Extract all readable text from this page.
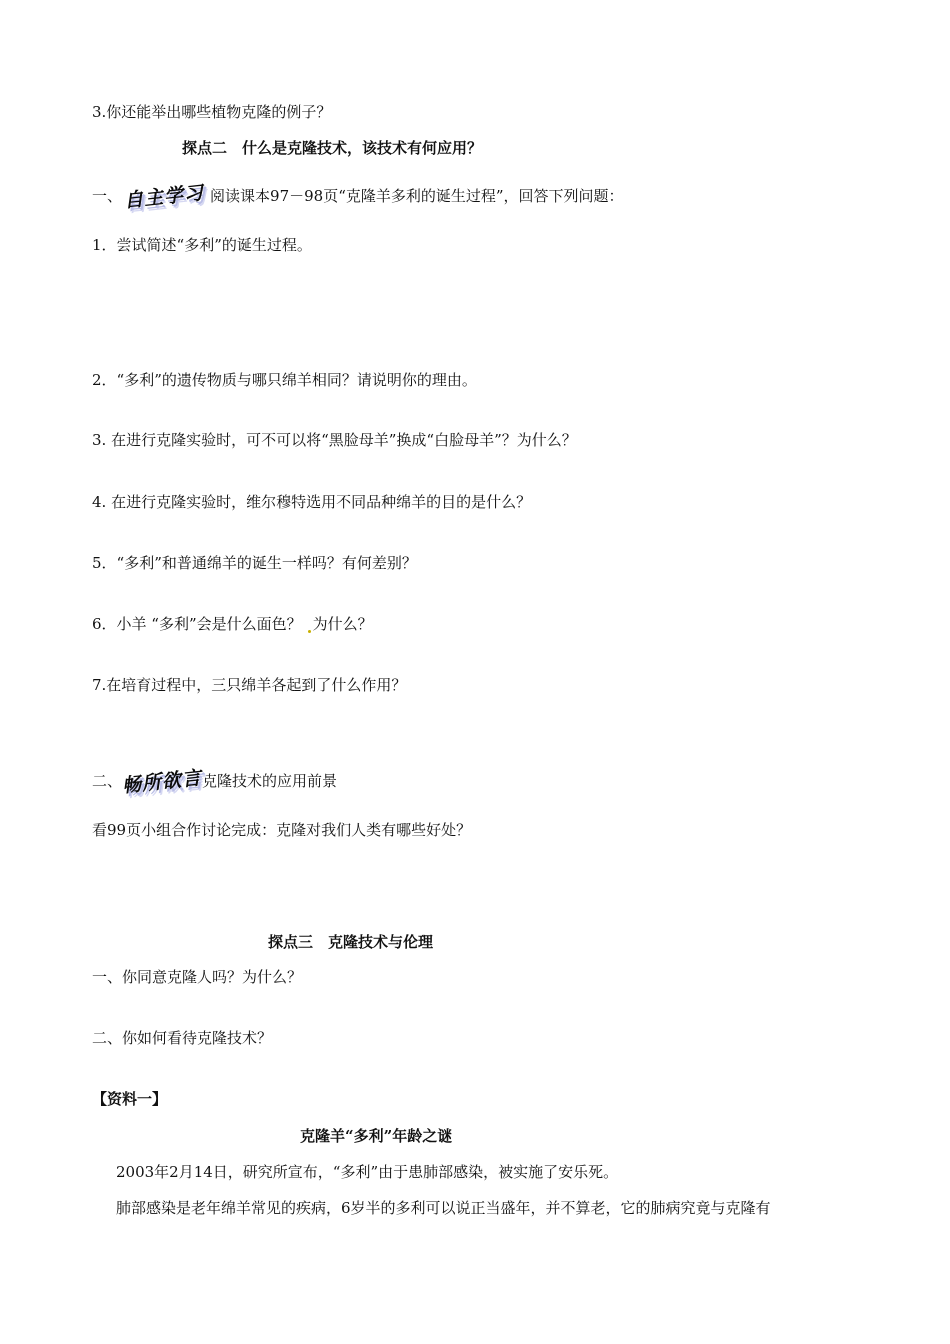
3.你还能举出哪些植物克隆的例子？
探点二　什么是克隆技术，该技术有何应用？
一、自主学习 阅读课本97－98页“克隆羊多利的诞生过程”，回答下列问题：
1．尝试简述“多利”的诞生过程。
2．“多利”的遗传物质与哪只绵羊相同？请说明你的理由。
3. 在进行克隆实验时，可不可以将“黑脸母羊”换成“白脸母羊”？为什么？
4. 在进行克隆实验时，维尔穆特选用不同品种绵羊的目的是什么？
5．“多利”和普通绵羊的诞生一样吗？有何差别？
6．小羊 “多利”会是什么面色？ 为什么？
7.在培育过程中，三只绵羊各起到了什么作用？
二、畅所欲言克隆技术的应用前景
看99页小组合作讨论完成：克隆对我们人类有哪些好处？
探点三　克隆技术与伦理
一、你同意克隆人吗？为什么？
二、你如何看待克隆技术？
【资料一】
克隆羊“多利”年龄之谜
2003年2月14日，研究所宣布，“多利”由于患肺部感染，被实施了安乐死。
肺部感染是老年绵羊常见的疾病，6岁半的多利可以说正当盛年，并不算老，它的肺病究竟与克隆有
